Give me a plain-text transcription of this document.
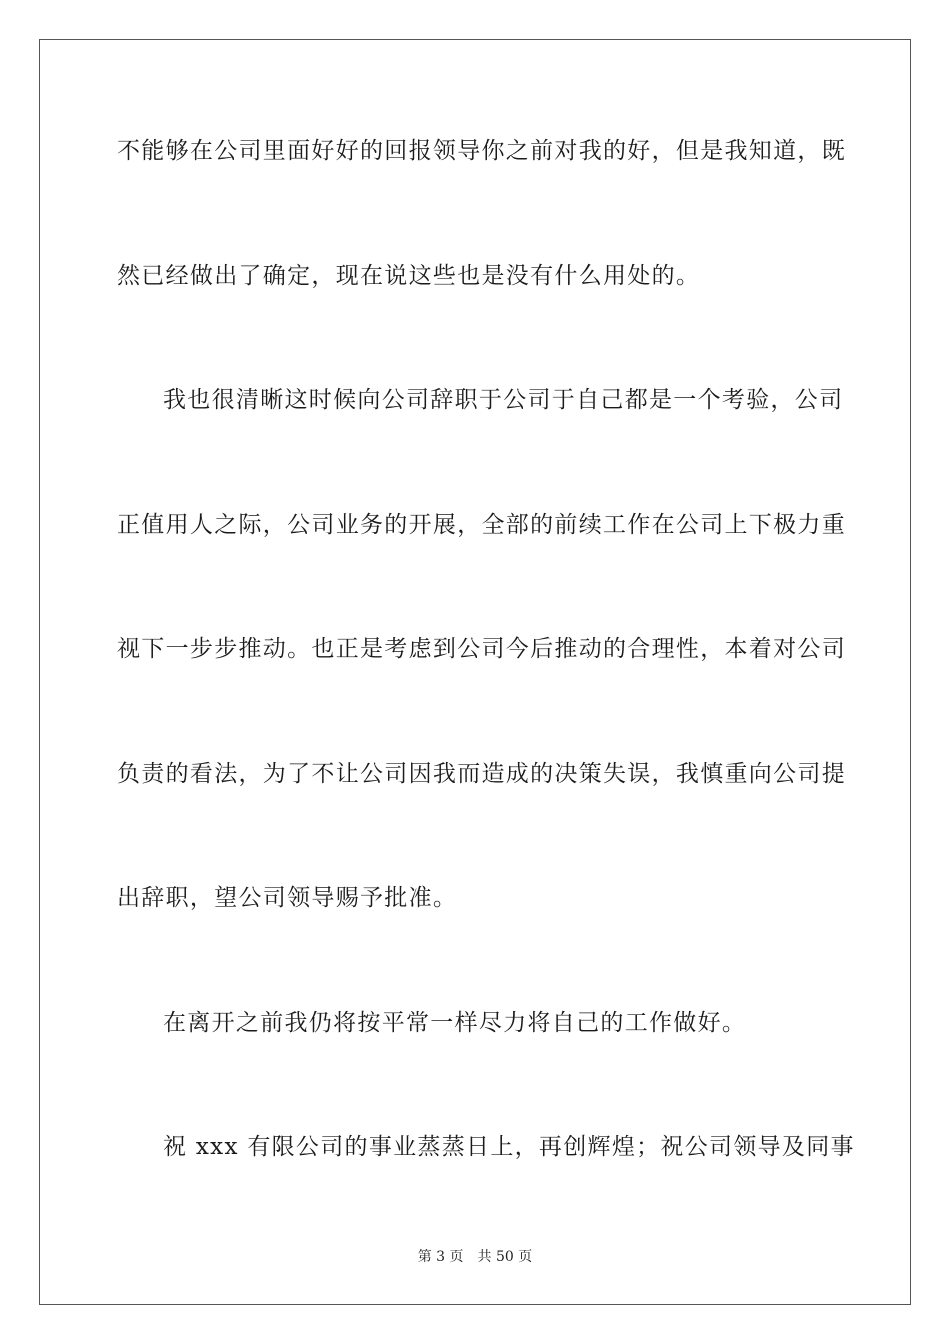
不能够在公司里面好好的回报领导你之前对我的好，但是我知道，既
然已经做出了确定，现在说这些也是没有什么用处的。
我也很清晰这时候向公司辞职于公司于自己都是一个考验，公司
正值用人之际，公司业务的开展，全部的前续工作在公司上下极力重
视下一步步推动。也正是考虑到公司今后推动的合理性，本着对公司
负责的看法，为了不让公司因我而造成的决策失误，我慎重向公司提
出辞职，望公司领导赐予批准。
在离开之前我仍将按平常一样尽力将自己的工作做好。
祝 xxx 有限公司的事业蒸蒸日上，再创辉煌；祝公司领导及同事
第 3 页 共 50 页
